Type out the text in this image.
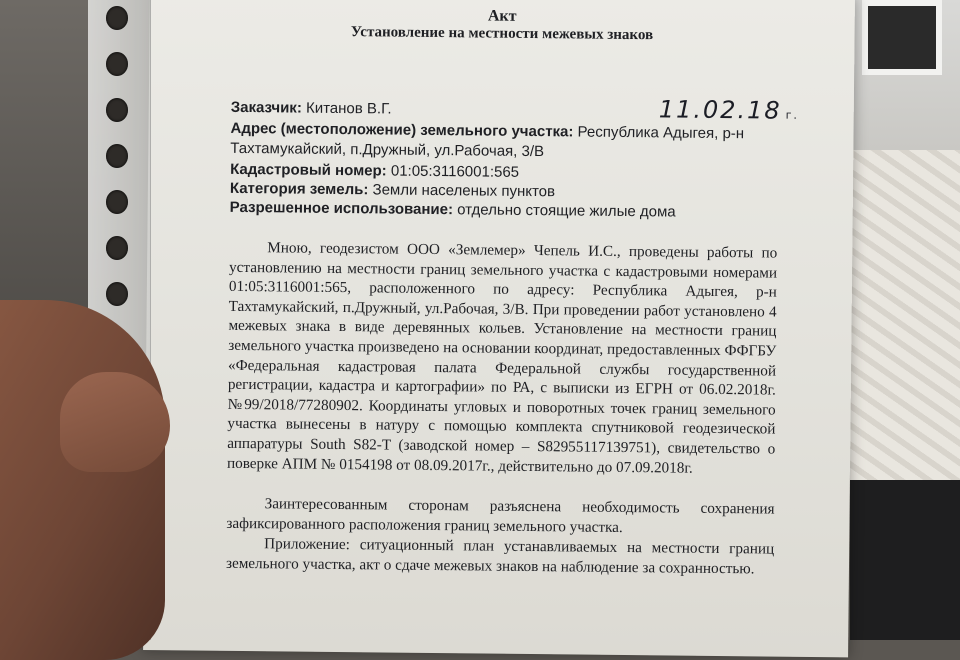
Акт
Установление на местности межевых знаков
11.02.18 г.
Заказчик: Китанов В.Г.
Адрес (местоположение) земельного участка: Республика Адыгея, р-н
Тахтамукайский, п.Дружный, ул.Рабочая, 3/В
Кадастровый номер: 01:05:3116001:565
Категория земель: Земли населеных пунктов
Разрешенное использование: отдельно стоящие жилые дома
Мною, геодезистом ООО «Землемер» Чепель И.С., проведены работы по установлению на местности границ земельного участка с кадастровыми номерами 01:05:3116001:565, расположенного по адресу: Республика Адыгея, р-н Тахтамукайский, п.Дружный, ул.Рабочая, 3/В. При проведении работ установлено 4 межевых знака в виде деревянных кольев. Установление на местности границ земельного участка произведено на основании координат, предоставленных ФФГБУ «Федеральная кадастровая палата Федеральной службы государственной регистрации, кадастра и картографии» по РА, с выписки из ЕГРН от 06.02.2018г. №99/2018/77280902. Координаты угловых и поворотных точек границ земельного участка вынесены в натуру с помощью комплекта спутниковой геодезической аппаратуры South S82-T (заводской номер – S82955117139751), свидетельство о поверке АПМ № 0154198 от 08.09.2017г., действительно до 07.09.2018г.
Заинтересованным сторонам разъяснена необходимость сохранения зафиксированного расположения границ земельного участка.
Приложение: ситуационный план устанавливаемых на местности границ земельного участка, акт о сдаче межевых знаков на наблюдение за сохранностью.
